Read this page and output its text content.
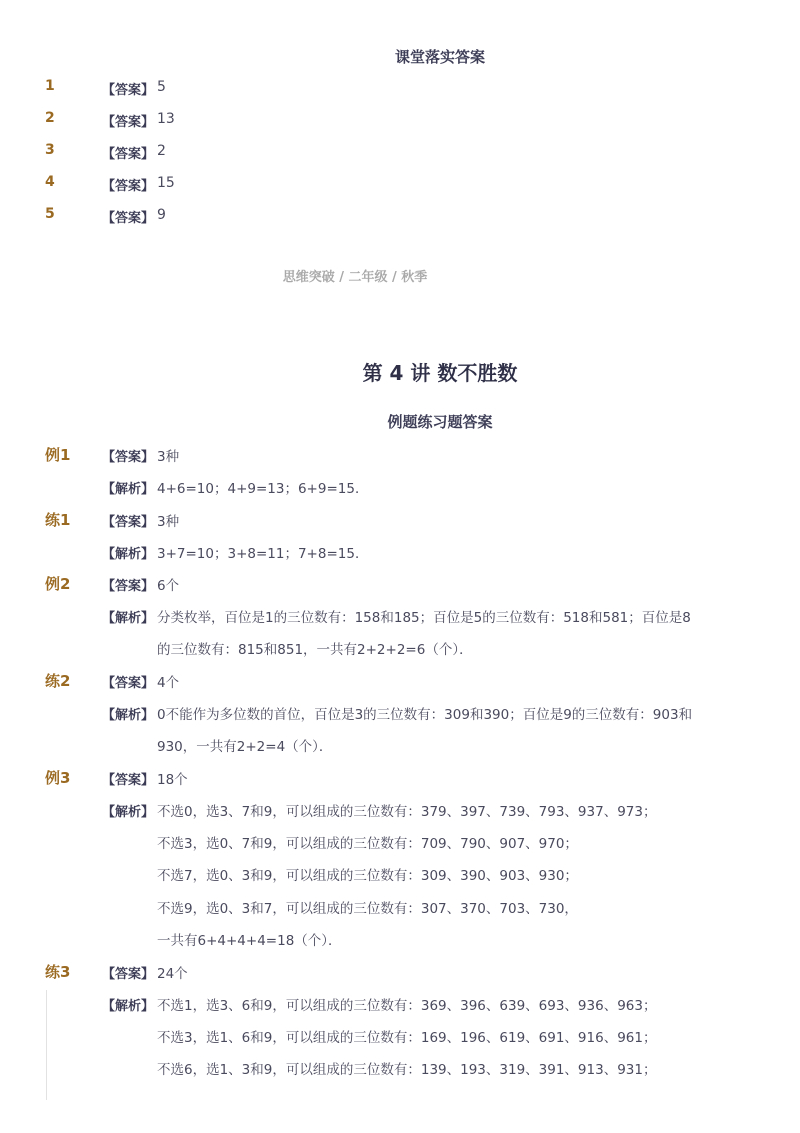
课堂落实答案
1	【答案】 5
2	【答案】 13
3	【答案】 2
4	【答案】 15
5	【答案】 9
思维突破 / 二年级 / 秋季
第 4 讲 数不胜数
例题练习题答案
例1 【答案】 3种
【解析】 4+6=10；4+9=13；6+9=15．
练1 【答案】 3种
【解析】 3+7=10；3+8=11；7+8=15．
例2 【答案】 6个
【解析】 分类枚举，百位是1的三位数有：158和185；百位是5的三位数有：518和581；百位是8
的三位数有：815和851，一共有2+2+2=6（个）．
练2 【答案】 4个
【解析】 0不能作为多位数的首位，百位是3的三位数有：309和390；百位是9的三位数有：903和
930，一共有2+2=4（个）．
例3 【答案】 18个
【解析】 不选0，选3、7和9，可以组成的三位数有：379、397、739、793、937、973；
不选3，选0、7和9，可以组成的三位数有：709、790、907、970；
不选7，选0、3和9，可以组成的三位数有：309、390、903、930；
不选9，选0、3和7，可以组成的三位数有：307、370、703、730，
一共有6+4+4+4=18（个）．
练3 【答案】 24个
【解析】 不选1，选3、6和9，可以组成的三位数有：369、396、639、693、936、963；
不选3，选1、6和9，可以组成的三位数有：169、196、619、691、916、961；
不选6，选1、3和9，可以组成的三位数有：139、193、319、391、913、931；
